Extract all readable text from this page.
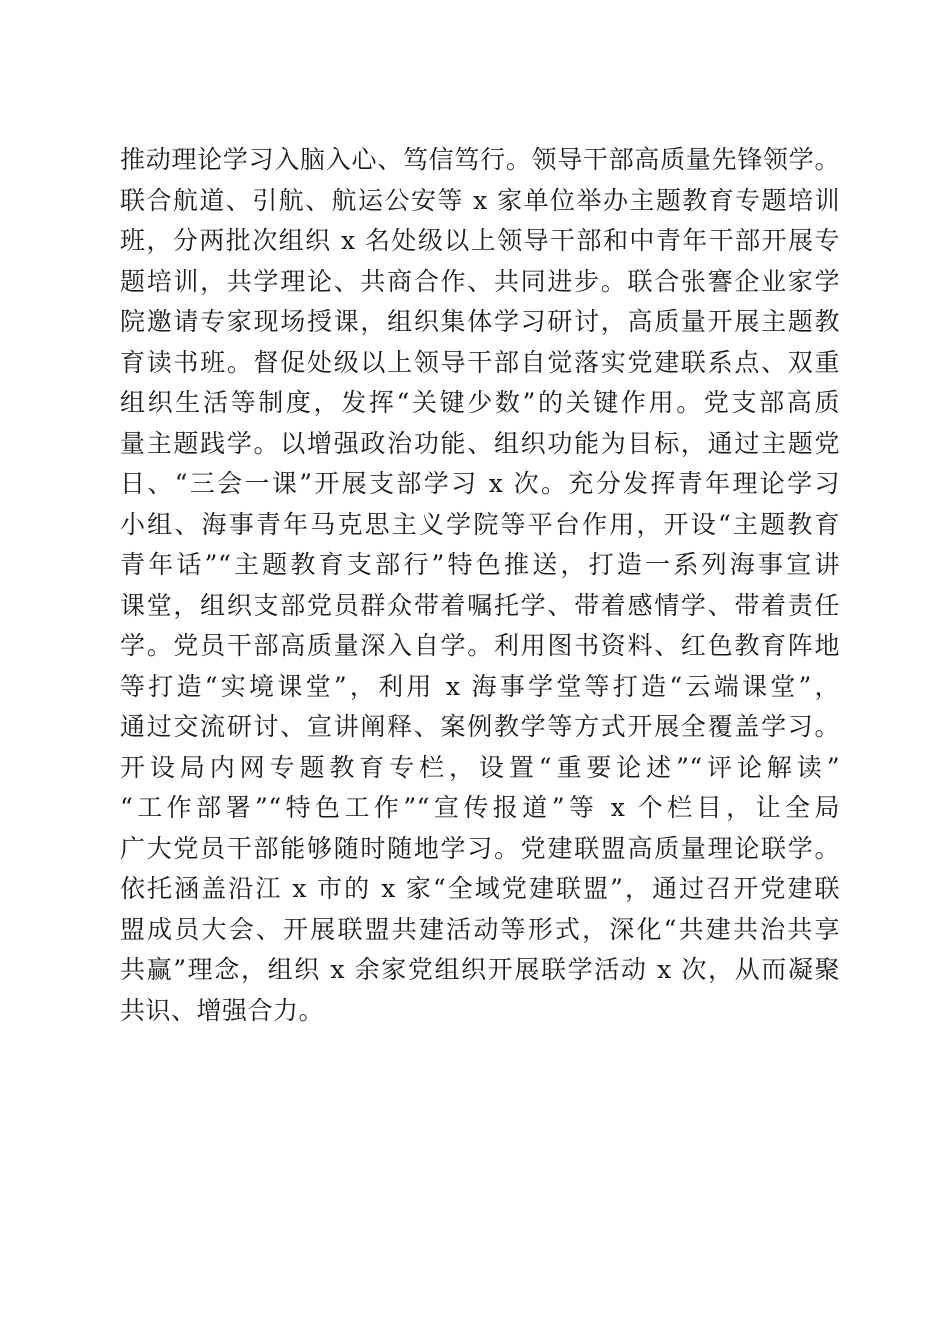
推动理论学习入脑入心、笃信笃行。领导干部高质量先锋领学。
联合航道、引航、航运公安等 x 家单位举办主题教育专题培训
班，分两批次组织 x 名处级以上领导干部和中青年干部开展专
题培训，共学理论、共商合作、共同进步。联合张謇企业家学
院邀请专家现场授课，组织集体学习研讨，高质量开展主题教
育读书班。督促处级以上领导干部自觉落实党建联系点、双重
组织生活等制度，发挥“关键少数”的关键作用。党支部高质
量主题践学。以增强政治功能、组织功能为目标，通过主题党
日、“三会一课”开展支部学习 x 次。充分发挥青年理论学习
小组、海事青年马克思主义学院等平台作用，开设“主题教育
青年话”“主题教育支部行”特色推送，打造一系列海事宣讲
课堂，组织支部党员群众带着嘱托学、带着感情学、带着责任
学。党员干部高质量深入自学。利用图书资料、红色教育阵地
等打造“实境课堂”，利用 x 海事学堂等打造“云端课堂”，
通过交流研讨、宣讲阐释、案例教学等方式开展全覆盖学习。
开设局内网专题教育专栏，设置“重要论述”“评论解读”
“工作部署”“特色工作”“宣传报道”等 x 个栏目，让全局
广大党员干部能够随时随地学习。党建联盟高质量理论联学。
依托涵盖沿江 x 市的 x 家“全域党建联盟”，通过召开党建联
盟成员大会、开展联盟共建活动等形式，深化“共建共治共享
共赢”理念，组织 x 余家党组织开展联学活动 x 次，从而凝聚
共识、增强合力。
